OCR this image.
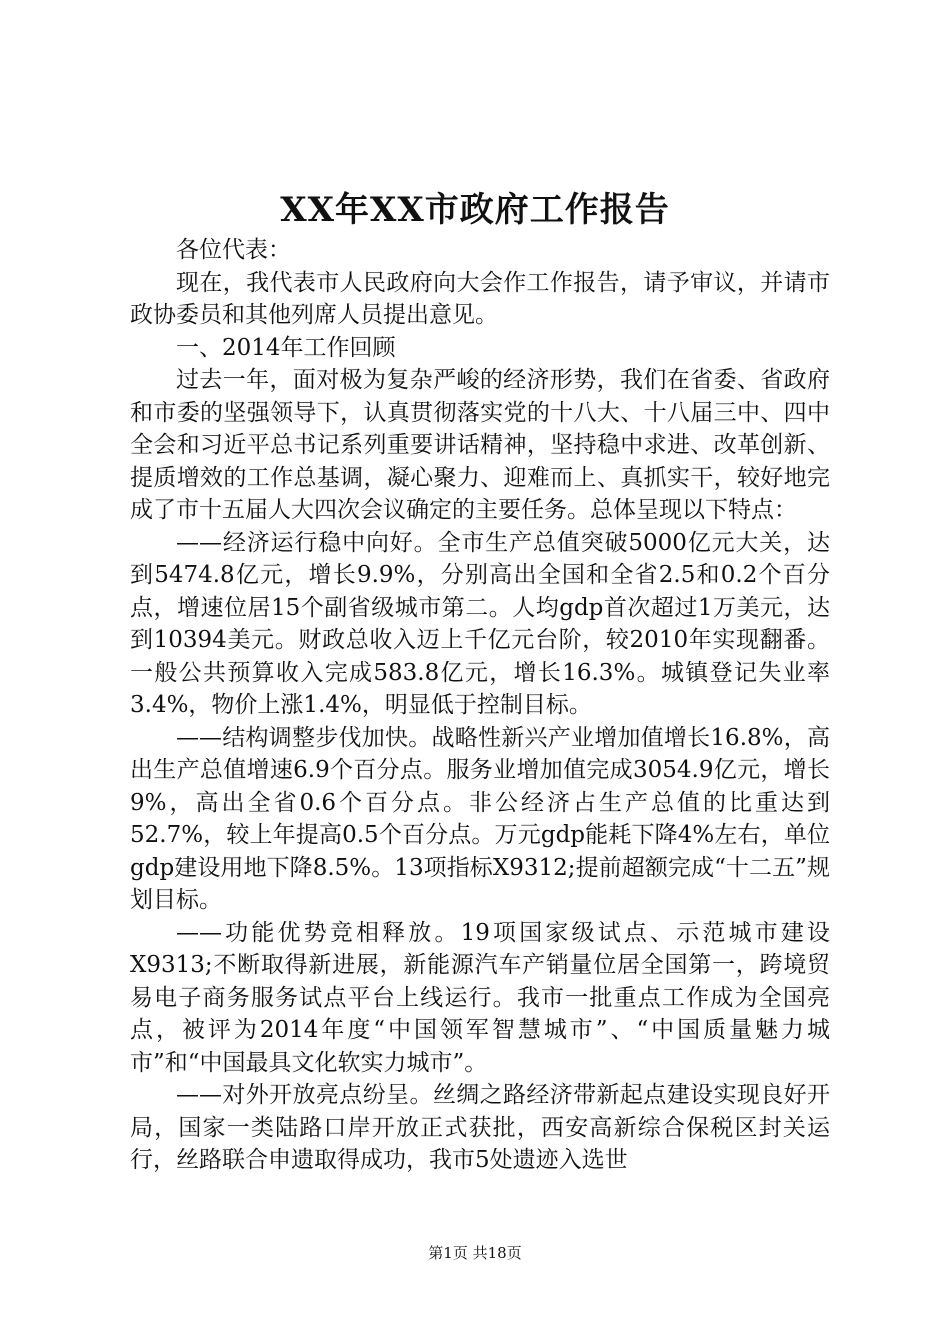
XX年XX市政府工作报告

各位代表：

现在，我代表市人民政府向大会作工作报告，请予审议，并请市政协委员和其他列席人员提出意见。

一、2014年工作回顾

过去一年，面对极为复杂严峻的经济形势，我们在省委、省政府和市委的坚强领导下，认真贯彻落实党的十八大、十八届三中、四中全会和习近平总书记系列重要讲话精神，坚持稳中求进、改革创新、提质增效的工作总基调，凝心聚力、迎难而上、真抓实干，较好地完成了市十五届人大四次会议确定的主要任务。总体呈现以下特点：

——经济运行稳中向好。全市生产总值突破5000亿元大关，达到5474.8亿元，增长9.9%，分别高出全国和全省2.5和0.2个百分点，增速位居15个副省级城市第二。人均gdp首次超过1万美元，达到10394美元。财政总收入迈上千亿元台阶，较2010年实现翻番。一般公共预算收入完成583.8亿元，增长16.3%。城镇登记失业率3.4%，物价上涨1.4%，明显低于控制目标。

——结构调整步伐加快。战略性新兴产业增加值增长16.8%，高出生产总值增速6.9个百分点。服务业增加值完成3054.9亿元，增长9%，高出全省0.6个百分点。非公经济占生产总值的比重达到52.7%，较上年提高0.5个百分点。万元gdp能耗下降4%左右，单位gdp建设用地下降8.5%。13项指标X9312;提前超额完成“十二五”规划目标。

——功能优势竞相释放。19项国家级试点、示范城市建设X9313;不断取得新进展，新能源汽车产销量位居全国第一，跨境贸易电子商务服务试点平台上线运行。我市一批重点工作成为全国亮点，被评为2014年度“中国领军智慧城市”、“中国质量魅力城市”和“中国最具文化软实力城市”。

——对外开放亮点纷呈。丝绸之路经济带新起点建设实现良好开局，国家一类陆路口岸开放正式获批，西安高新综合保税区封关运行，丝路联合申遗取得成功，我市5处遗迹入选世

第1页 共18页
